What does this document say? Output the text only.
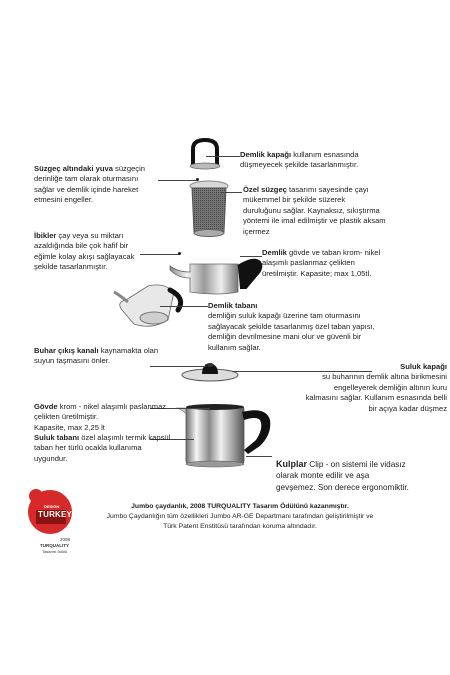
Demlik kapağı kullanım esnasında
düşmeyecek şekilde tasarlanmıştır.
Süzgeç altındaki yuva süzgeçin
derinliğe tam olarak oturmasını
sağlar ve demlik içinde hareket
etmesini engeller.
Özel süzgeç tasarımı sayesinde çayı
mükemmel bir şekilde süzerek
duruluğunu sağlar. Kaynaksız, sıkıştırma
yöntemi ile imal edilmiştir ve plastik aksam
içermez
İbikler çay veya su miktarı
azaldığında bile çok hafif bir
eğimle kolay akışı sağlayacak
şekilde tasarlanmıştır.
Demlik gövde ve taban krom- nikel
alaşımlı paslanmaz çelikten
üretilmiştir. Kapasite; max 1,05tl.
Demlik tabanı
demliğin suluk kapağı üzerine tam oturmasını
sağlayacak şekilde tasarlanmış özel taban yapısı,
demliğin devrilmesine mani olur ve güvenli bir
kullanım sağlar.
Buhar çıkış kanalı kaynamakta olan
suyun taşmasını önler.
Suluk kapağı
su buharının demlik altına birikmesini
engelleyerek demliğin altının kuru
kalmasını sağlar. Kullanım esnasında belli
bir açıya kadar düşmez
Gövde krom - nikel alaşımlı paslanmaz
çelikten üretilmiştir.
Kapasite, max 2,25 lt
Suluk tabanı özel alaşımlı termik kapsül
taban her türlü ocakla kullanıma
uygundur.
Kulplar Clip - on sistemi ile vidasız
olarak monte edilir ve aşa
gevşemez. Son derece ergonomiktir.
DESIGN
TURKEY
2008
TURQUALITY
Tasarım ödülü
Jumbo çaydanlık, 2008 TURQUALITY Tasarım Ödülünü kazanmıştır.
Jumbo Çaydanlığın tüm özellikleri Jumbo AR-GE Departmanı tarafından geliştirilmiştir ve
Türk Patent Enstitüsü tarafından koruma altındadır.
